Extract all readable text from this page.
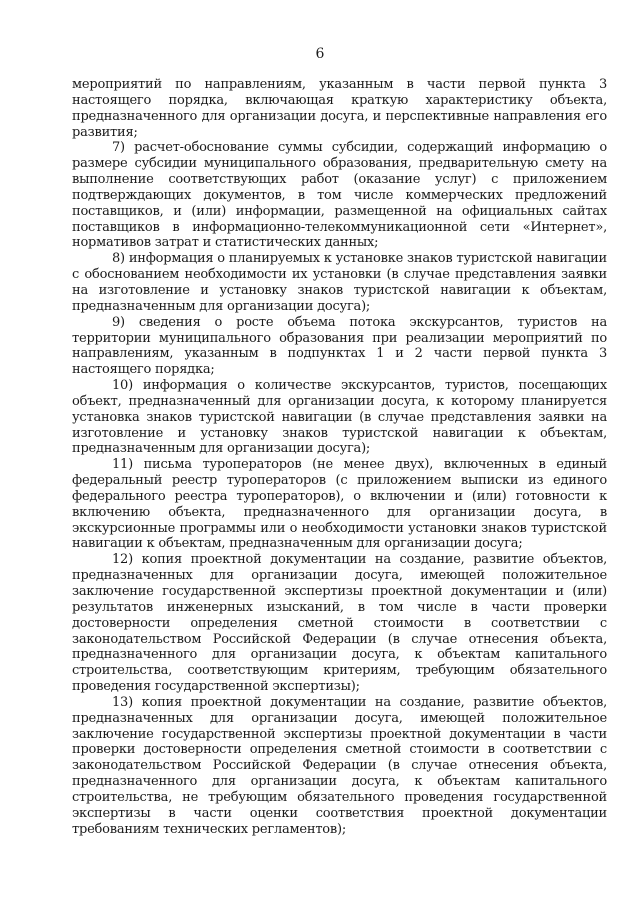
6

мероприятий по направлениям, указанным в части первой пункта 3 настоящего порядка, включающая краткую характеристику объекта, предназначенного для организации досуга, и перспективные направления его развития;

7) расчет-обоснование суммы субсидии, содержащий информацию о размере субсидии муниципального образования, предварительную смету на выполнение соответствующих работ (оказание услуг) с приложением подтверждающих документов, в том числе коммерческих предложений поставщиков, и (или) информации, размещенной на официальных сайтах поставщиков в информационно-телекоммуникационной сети «Интернет», нормативов затрат и статистических данных;

8) информация о планируемых к установке знаков туристской навигации с обоснованием необходимости их установки (в случае представления заявки на изготовление и установку знаков туристской навигации к объектам, предназначенным для организации досуга);

9) сведения о росте объема потока экскурсантов, туристов на территории муниципального образования при реализации мероприятий по направлениям, указанным в подпунктах 1 и 2 части первой пункта 3 настоящего порядка;

10) информация о количестве экскурсантов, туристов, посещающих объект, предназначенный для организации досуга, к которому планируется установка знаков туристской навигации (в случае представления заявки на изготовление и установку знаков туристской навигации к объектам, предназначенным для организации досуга);

11) письма туроператоров (не менее двух), включенных в единый федеральный реестр туроператоров (с приложением выписки из единого федерального реестра туроператоров), о включении и (или) готовности к включению объекта, предназначенного для организации досуга, в экскурсионные программы или о необходимости установки знаков туристской навигации к объектам, предназначенным для организации досуга;

12) копия проектной документации на создание, развитие объектов, предназначенных для организации досуга, имеющей положительное заключение государственной экспертизы проектной документации и (или) результатов инженерных изысканий, в том числе в части проверки достоверности определения сметной стоимости в соответствии с законодательством Российской Федерации (в случае отнесения объекта, предназначенного для организации досуга, к объектам капитального строительства, соответствующим критериям, требующим обязательного проведения государственной экспертизы);

13) копия проектной документации на создание, развитие объектов, предназначенных для организации досуга, имеющей положительное заключение государственной экспертизы проектной документации в части проверки достоверности определения сметной стоимости в соответствии с законодательством Российской Федерации (в случае отнесения объекта, предназначенного для организации досуга, к объектам капитального строительства, не требующим обязательного проведения государственной экспертизы в части оценки соответствия проектной документации требованиям технических регламентов);
